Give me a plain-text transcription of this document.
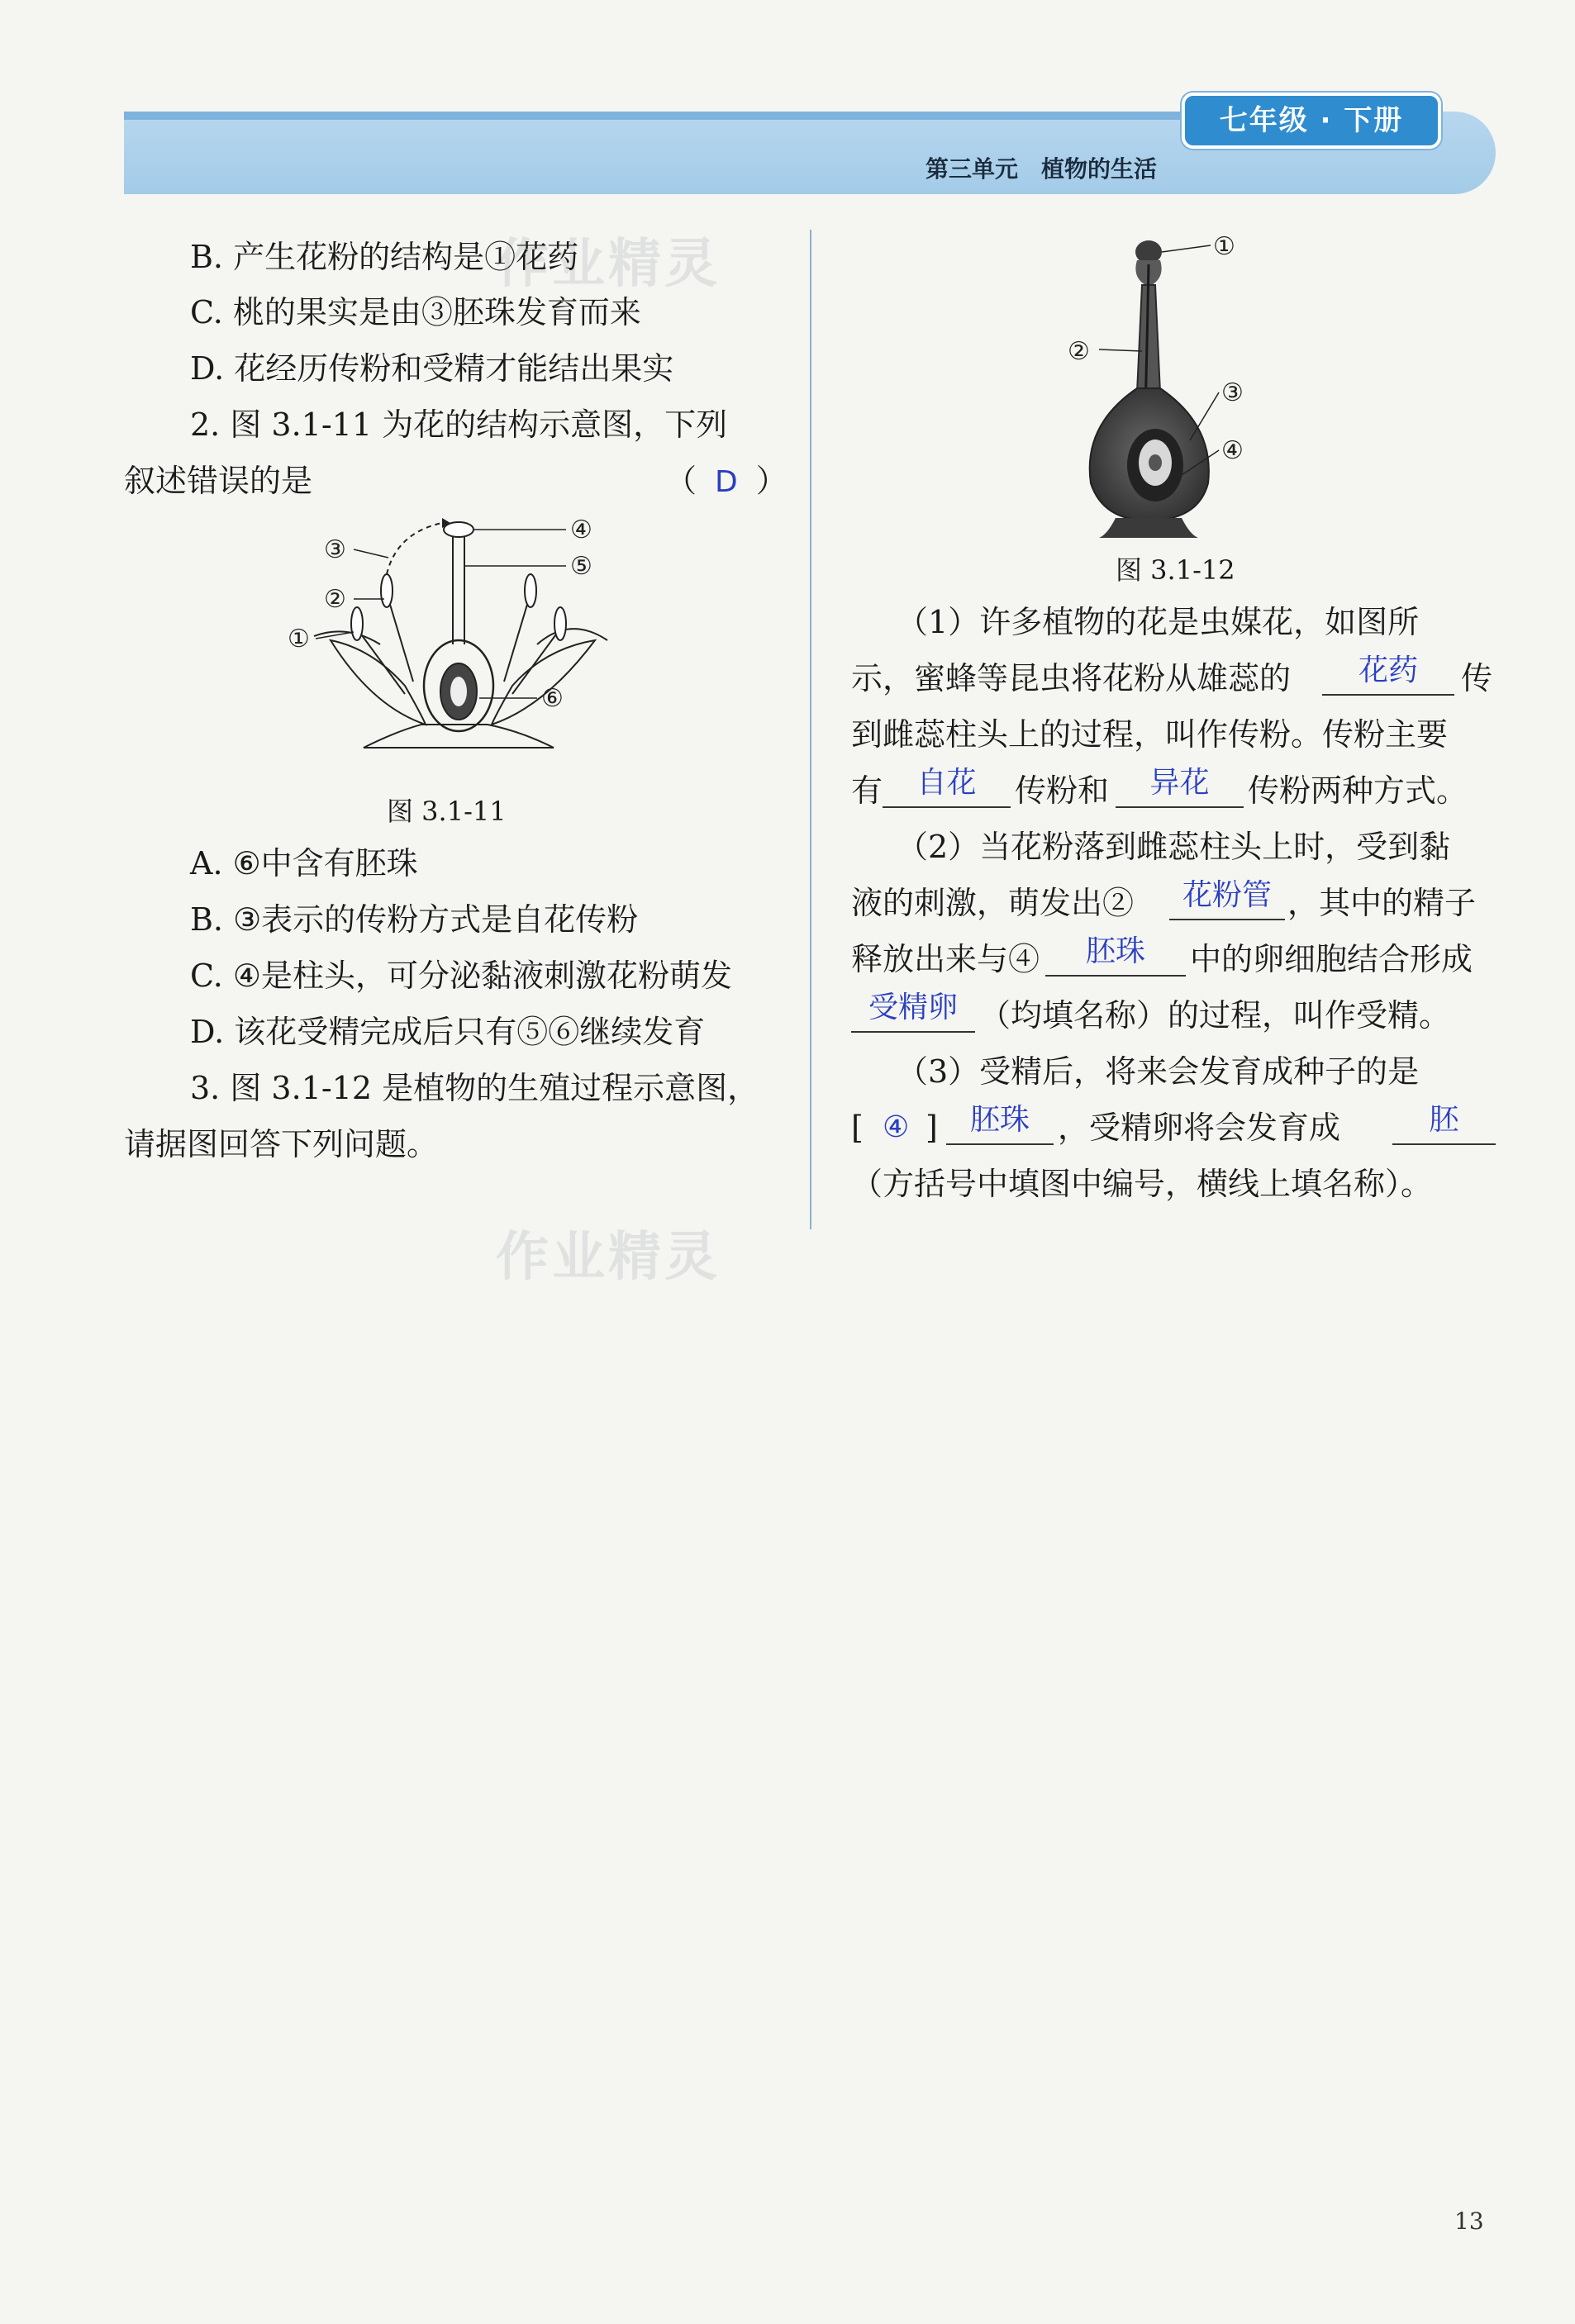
七年级 · 下册
第三单元　植物的生活
作业精灵
作业精灵
B. 产生花粉的结构是①花药
C. 桃的果实是由③胚珠发育而来
D. 花经历传粉和受精才能结出果实
2. 图 3.1-11 为花的结构示意图，下列
叙述错误的是	（ D ）
④
⑤
⑥
③
②
①
图 3.1-11
A. ⑥中含有胚珠
B. ③表示的传粉方式是自花传粉
C. ④是柱头，可分泌黏液刺激花粉萌发
D. 该花受精完成后只有⑤⑥继续发育
3. 图 3.1-12 是植物的生殖过程示意图，
请据图回答下列问题。
①
②
③
④
图 3.1-12
（1）许多植物的花是虫媒花，如图所
示，蜜蜂等昆虫将花粉从雄蕊的	花药	传
到雌蕊柱头上的过程，叫作传粉。传粉主要
有	自花	传粉和	异花	传粉两种方式。
（2）当花粉落到雌蕊柱头上时，受到黏
液的刺激，萌发出②	花粉管 ，其中的精子
释放出来与④	胚珠	中的卵细胞结合形成
受精卵 （均填名称）的过程，叫作受精。
（3）受精后，将来会发育成种子的是
[ ④ ]	胚珠 ，受精卵将会发育成	胚
（方括号中填图中编号，横线上填名称）。
13
